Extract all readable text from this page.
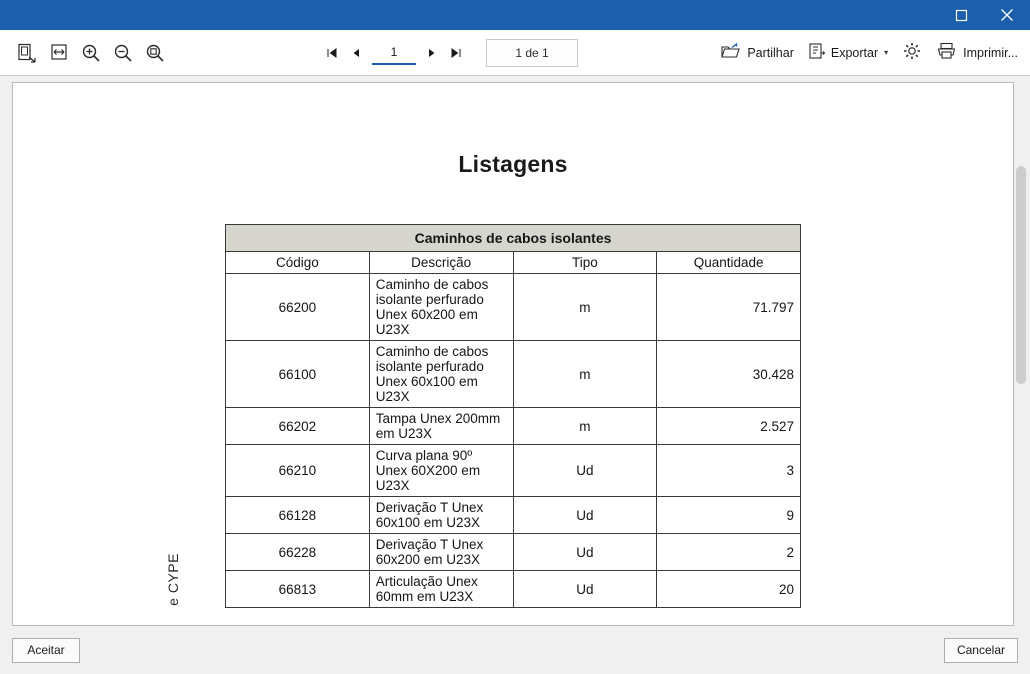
1
1 de 1	Partilhar	Exportar ▾	Imprimir...
Listagens
Caminhos de cabos isolantes			
Código	Descrição	Tipo	Quantidade
66200	Caminho de cabos isolante perfurado Unex 60x200 em U23X	m	71.797
66100	Caminho de cabos isolante perfurado Unex 60x100 em U23X	m	30.428
66202	Tampa Unex 200mm em U23X	m	2.527
66210	Curva plana 90º Unex 60X200 em U23X	Ud	3
66128	Derivação T Unex 60x100 em U23X	Ud	9
66228	Derivação T Unex 60x200 em U23X	Ud	2
66813	Articulação Unex 60mm em U23X	Ud	20
e CYPE
Aceitar	Cancelar
